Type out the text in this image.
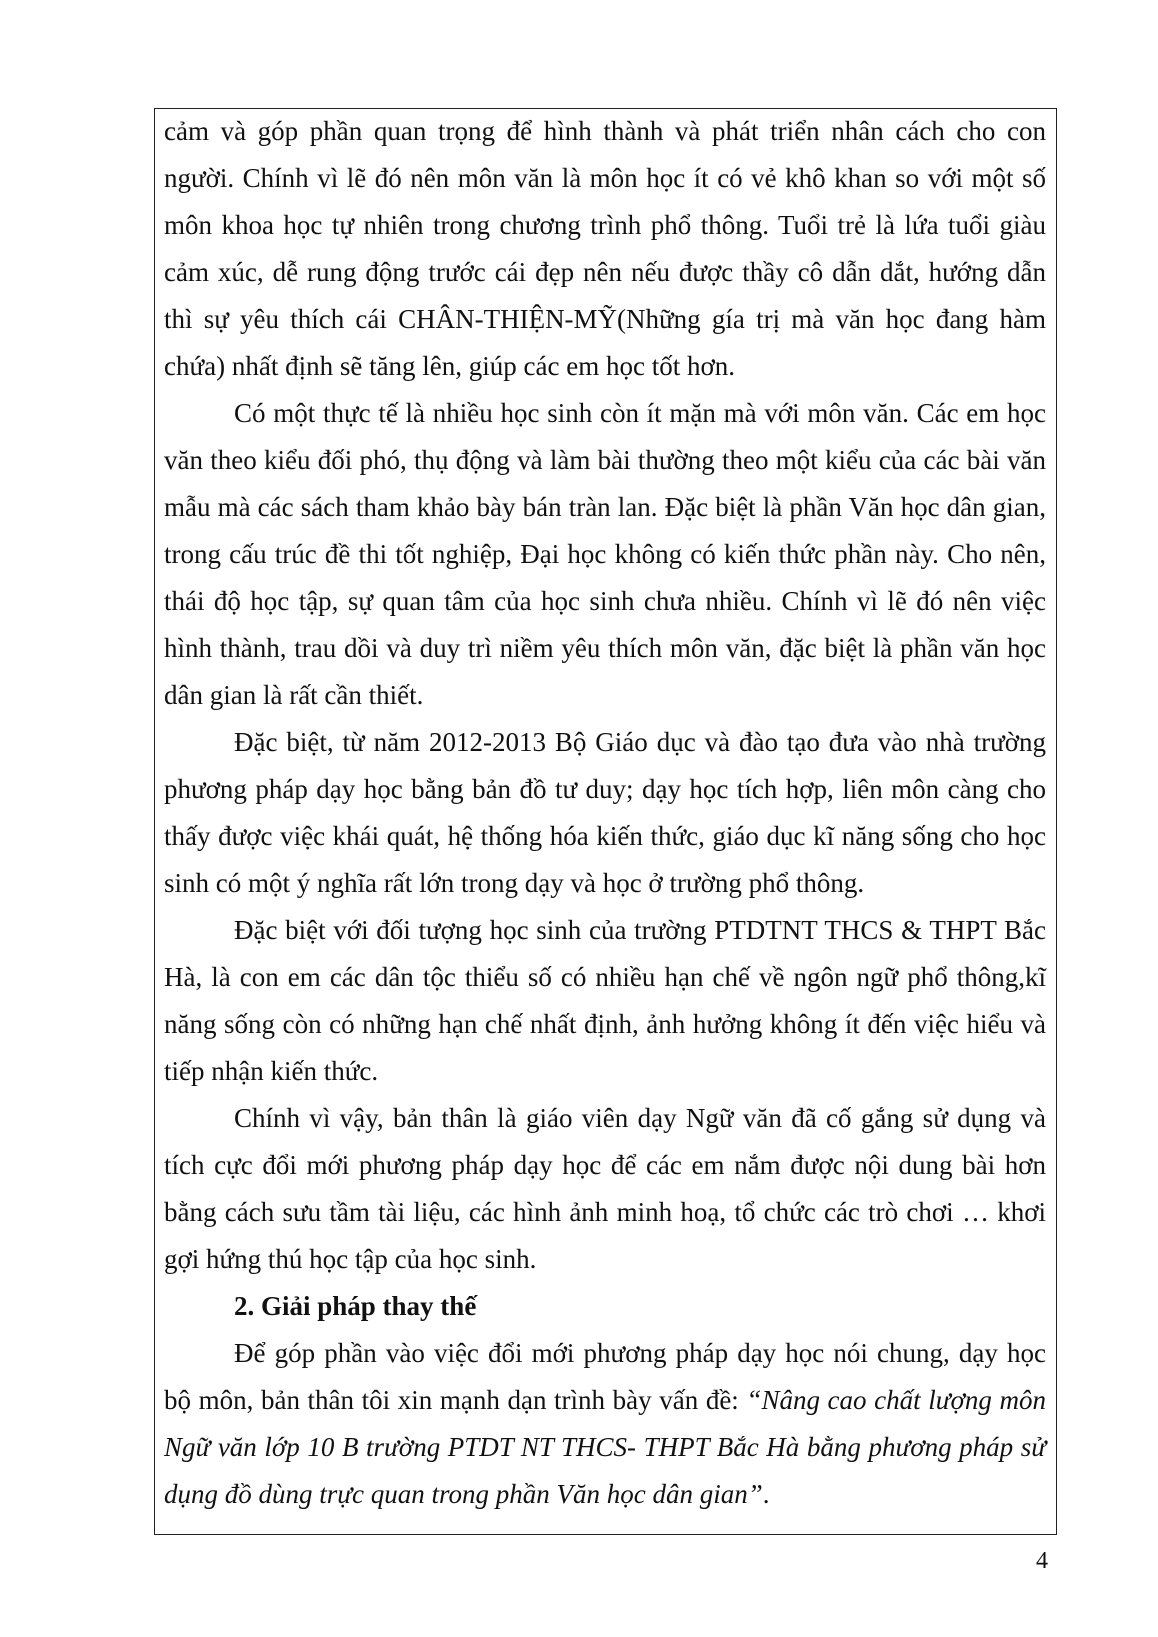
cảm và góp phần quan trọng để hình thành và phát triển nhân cách cho con người. Chính vì lẽ đó nên môn văn là môn học ít có vẻ khô khan so với một số môn khoa học tự nhiên trong chương trình phổ thông. Tuổi trẻ là lứa tuổi giàu cảm xúc, dễ rung động trước cái đẹp nên nếu được thầy cô dẫn dắt, hướng dẫn thì sự yêu thích cái CHÂN-THIỆN-MỸ(Những gía trị mà văn học đang hàm chứa) nhất định sẽ tăng lên, giúp các em học tốt hơn.

Có một thực tế là nhiều học sinh còn ít mặn mà với môn văn. Các em học văn theo kiểu đối phó, thụ động và làm bài thường theo một kiểu của các bài văn mẫu mà các sách tham khảo bày bán tràn lan. Đặc biệt là phần Văn học dân gian, trong cấu trúc đề thi tốt nghiệp, Đại học không có kiến thức phần này. Cho nên, thái độ học tập, sự quan tâm của học sinh chưa nhiều. Chính vì lẽ đó nên việc hình thành, trau dồi và duy trì niềm yêu thích môn văn, đặc biệt là phần văn học dân gian là rất cần thiết.

Đặc biệt, từ năm 2012-2013 Bộ Giáo dục và đào tạo đưa vào nhà trường phương pháp dạy học bằng bản đồ tư duy; dạy học tích hợp, liên môn càng cho thấy được việc khái quát, hệ thống hóa kiến thức, giáo dục kĩ năng sống cho học sinh có một ý nghĩa rất lớn trong dạy và học ở trường phổ thông.

Đặc biệt với đối tượng học sinh của trường PTDTNT THCS & THPT Bắc Hà, là con em các dân tộc thiểu số có nhiều hạn chế về ngôn ngữ phổ thông,kĩ năng sống còn có những hạn chế nhất định, ảnh hưởng không ít đến việc hiểu và tiếp nhận kiến thức.

Chính vì vậy, bản thân là giáo viên dạy Ngữ văn đã cố gắng sử dụng và tích cực đổi mới phương pháp dạy học để các em nắm được nội dung bài hơn bằng cách sưu tầm tài liệu, các hình ảnh minh hoạ, tổ chức các trò chơi … khơi gợi hứng thú học tập của học sinh.

2. Giải pháp thay thế

Để góp phần vào việc đổi mới phương pháp dạy học nói chung, dạy học bộ môn, bản thân tôi xin mạnh dạn trình bày vấn đề: “Nâng cao chất lượng môn Ngữ văn lớp 10 B trường PTDT NT THCS- THPT Bắc Hà bằng phương pháp sử dụng đồ dùng trực quan trong phần Văn học dân gian”.

4
